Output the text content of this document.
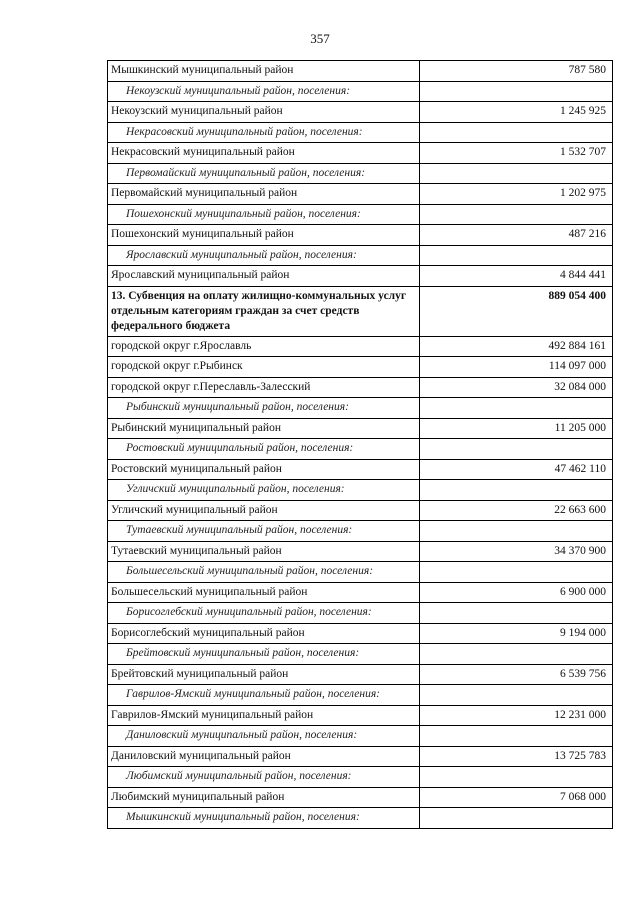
357
Мышкинский муниципальный район	787 580
Некоузский муниципальный район, поселения:	
Некоузский муниципальный район	1 245 925
Некрасовский муниципальный район, поселения:	
Некрасовский муниципальный район	1 532 707
Первомайский муниципальный район, поселения:	
Первомайский муниципальный район	1 202 975
Пошехонский муниципальный район, поселения:	
Пошехонский муниципальный район	487 216
Ярославский муниципальный район, поселения:	
Ярославский муниципальный район	4 844 441
13. Субвенция на оплату жилищно-коммунальных услуг отдельным категориям граждан за счет средств федерального бюджета	889 054 400
городской округ г.Ярославль	492 884 161
городской округ г.Рыбинск	114 097 000
городской округ г.Переславль-Залесский	32 084 000
Рыбинский муниципальный район, поселения:	
Рыбинский муниципальный район	11 205 000
Ростовский муниципальный район, поселения:	
Ростовский муниципальный район	47 462 110
Угличский муниципальный район, поселения:	
Угличский муниципальный район	22 663 600
Тутаевский муниципальный район, поселения:	
Тутаевский муниципальный район	34 370 900
Большесельский муниципальный район, поселения:	
Большесельский муниципальный район	6 900 000
Борисоглебский муниципальный район, поселения:	
Борисоглебский муниципальный район	9 194 000
Брейтовский муниципальный район, поселения:	
Брейтовский муниципальный район	6 539 756
Гаврилов-Ямский муниципальный район, поселения:	
Гаврилов-Ямский муниципальный район	12 231 000
Даниловский муниципальный район, поселения:	
Даниловский муниципальный район	13 725 783
Любимский муниципальный район, поселения:	
Любимский муниципальный район	7 068 000
Мышкинский муниципальный район, поселения:	
